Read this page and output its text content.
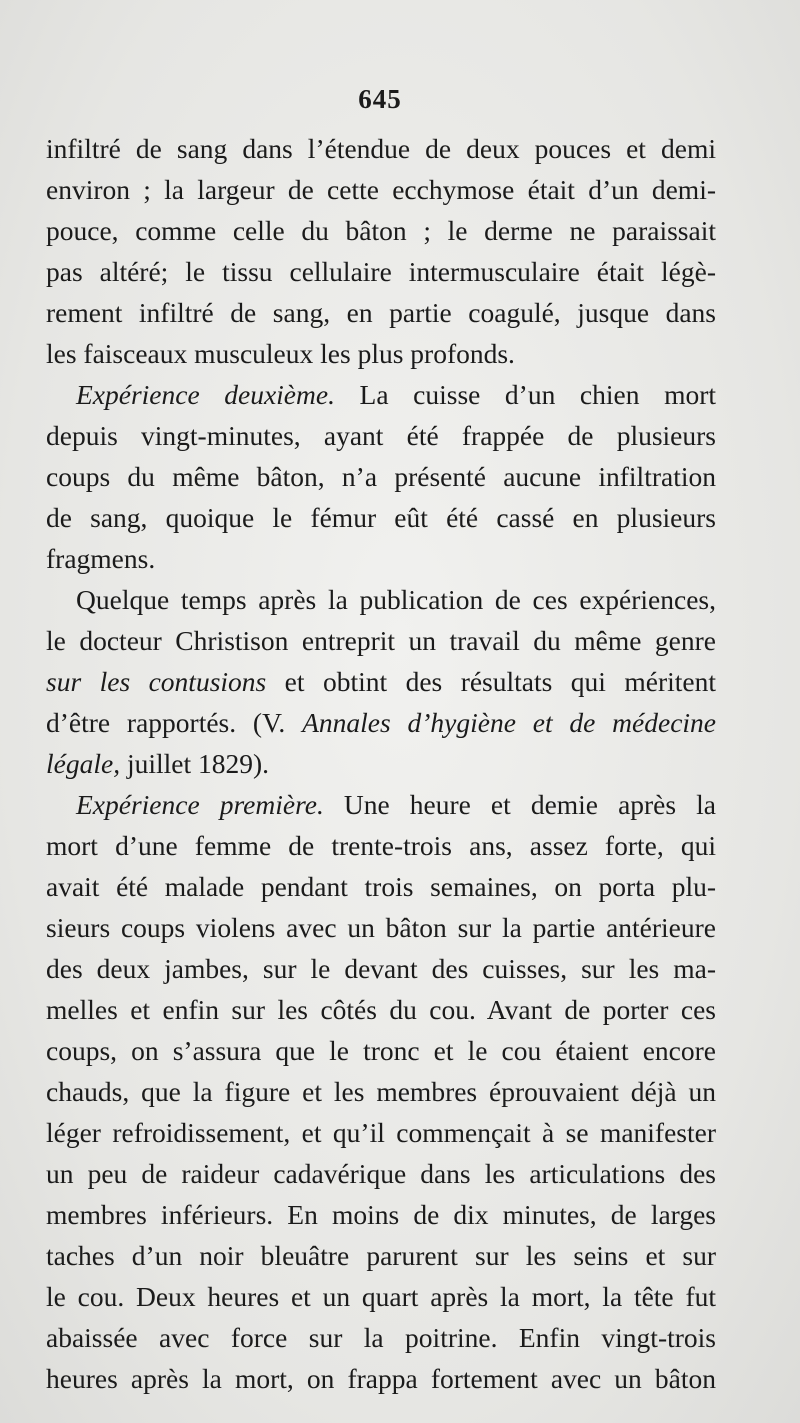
645
infiltré de sang dans l’étendue de deux pouces et demi
environ ; la largeur de cette ecchymose était d’un demi-
pouce, comme celle du bâton ; le derme ne paraissait
pas altéré; le tissu cellulaire intermusculaire était légè-
rement infiltré de sang, en partie coagulé, jusque dans
les faisceaux musculeux les plus profonds.
Expérience deuxième. La cuisse d’un chien mort
depuis vingt-minutes, ayant été frappée de plusieurs
coups du même bâton, n’a présenté aucune infiltration
de sang, quoique le fémur eût été cassé en plusieurs
fragmens.
Quelque temps après la publication de ces expériences,
le docteur Christison entreprit un travail du même genre
sur les contusions et obtint des résultats qui méritent
d’être rapportés. (V. Annales d’hygiène et de médecine
légale, juillet 1829).
Expérience première. Une heure et demie après la
mort d’une femme de trente-trois ans, assez forte, qui
avait été malade pendant trois semaines, on porta plu-
sieurs coups violens avec un bâton sur la partie antérieure
des deux jambes, sur le devant des cuisses, sur les ma-
melles et enfin sur les côtés du cou. Avant de porter ces
coups, on s’assura que le tronc et le cou étaient encore
chauds, que la figure et les membres éprouvaient déjà un
léger refroidissement, et qu’il commençait à se manifester
un peu de raideur cadavérique dans les articulations des
membres inférieurs. En moins de dix minutes, de larges
taches d’un noir bleuâtre parurent sur les seins et sur
le cou. Deux heures et un quart après la mort, la tête fut
abaissée avec force sur la poitrine. Enfin vingt-trois
heures après la mort, on frappa fortement avec un bâton
